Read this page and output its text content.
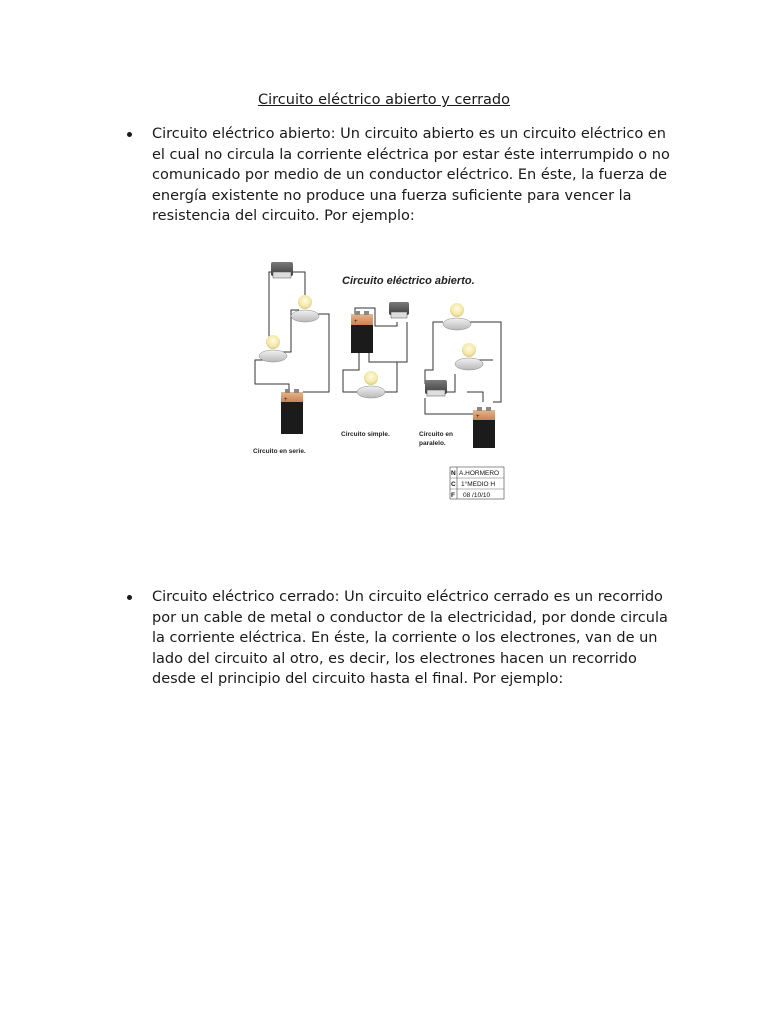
Circuito eléctrico abierto y cerrado
Circuito eléctrico abierto: Un circuito abierto es un circuito eléctrico en el cual no circula la corriente eléctrica por estar éste interrumpido o no comunicado por medio de un conductor eléctrico. En éste, la fuerza de energía existente no produce una fuerza suficiente para vencer la resistencia del circuito. Por ejemplo:
Circuito eléctrico cerrado: Un circuito eléctrico cerrado es un recorrido por un cable de metal o conductor de la electricidad, por donde circula la corriente eléctrica. En éste, la corriente o los electrones, van de un lado del circuito al otro, es decir, los electrones hacen un recorrido desde el principio del circuito hasta el final. Por ejemplo:
Circuito eléctrico abierto.
+
Circuito en serie.
+
Circuito simple.
+
Circuito en
paralelo.
N A.HORMERO
C 1°MEDIO H
F 08 /10/10
